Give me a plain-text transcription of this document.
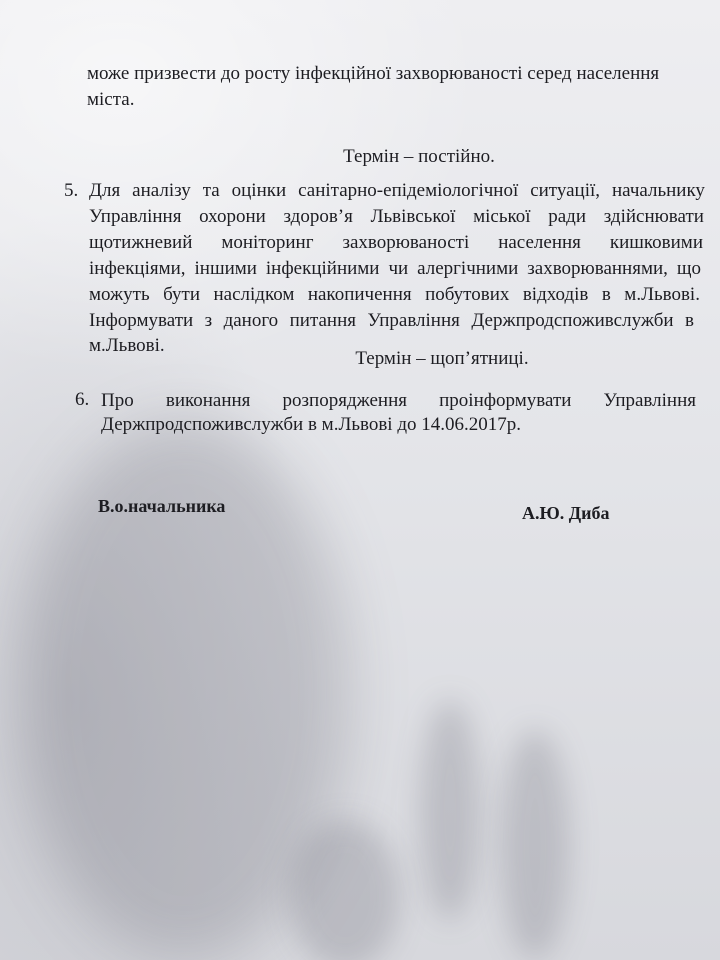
може призвести до росту інфекційної захворюваності серед населення
міста.
Термін – постійно.
5. Для аналізу та оцінки санітарно-епідеміологічної ситуації, начальнику
Управління охорони здоров’я Львівської міської ради здійснювати
щотижневий моніторинг захворюваності населення кишковими
інфекціями, іншими інфекційними чи алергічними захворюваннями, що
можуть бути наслідком накопичення побутових відходів в м.Львові.
Інформувати з даного питання Управління Держпродспоживслужби в
м.Львові.
Термін – щоп’ятниці.
6. Про виконання розпорядження проінформувати Управління
Держпродспоживслужби в м.Львові до 14.06.2017р.
В.о.начальника	А.Ю. Диба
